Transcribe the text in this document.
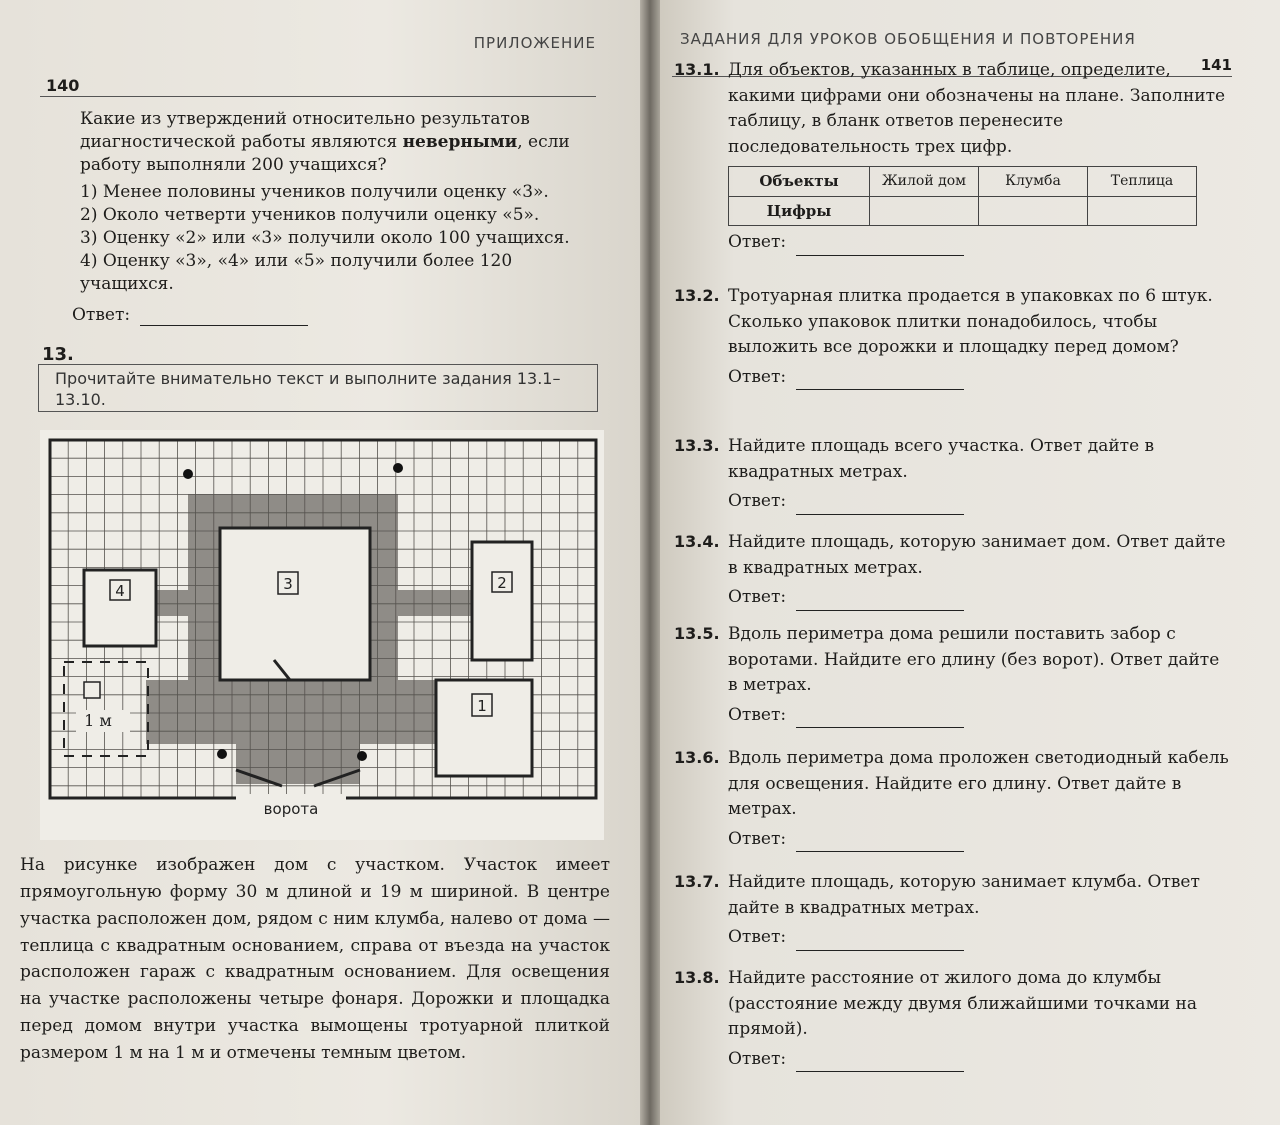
ПРИЛОЖЕНИЕ
140

Какие из утверждений относительно результатов диагностической работы являются неверными, если работу выполняли 200 учащихся?

1) Менее половины учеников получили оценку «3».
2) Около четверти учеников получили оценку «5».
3) Оценку «2» или «3» получили около 100 учащихся.
4) Оценку «3», «4» или «5» получили более 120 учащихся.
Ответ:
13.
Прочитайте внимательно текст и выполните задания 13.1–13.10.
3
4	2
1
1 м
ворота
На рисунке изображен дом с участком. Участок имеет прямоугольную форму 30 м длиной и 19 м шириной. В центре участка расположен дом, рядом с ним клумба, налево от дома — теплица с квадратным основанием, справа от въезда на участок расположен гараж с квадратным основанием. Для освещения на участке расположены четыре фонаря. Дорожки и площадка перед домом внутри участка вымощены тротуарной плиткой размером 1 м на 1 м и отмечены темным цветом.
ЗАДАНИЯ ДЛЯ УРОКОВ ОБОБЩЕНИЯ И ПОВТОРЕНИЯ
141
13.1. Для объектов, указанных в таблице, определите, какими цифрами они обозначены на плане. Заполните таблицу, в бланк ответов перенесите последовательность трех цифр.
Объекты	Жилой дом	Клумба	Теплица
Цифры			
Ответ:
13.2. Тротуарная плитка продается в упаковках по 6 штук. Сколько упаковок плитки понадобилось, чтобы выложить все дорожки и площадку перед домом?
Ответ:
13.3. Найдите площадь всего участка. Ответ дайте в квадратных метрах.
Ответ:
13.4. Найдите площадь, которую занимает дом. Ответ дайте в квадратных метрах.
Ответ:
13.5. Вдоль периметра дома решили поставить забор с воротами. Найдите его длину (без ворот). Ответ дайте в метрах.
Ответ:
13.6. Вдоль периметра дома проложен светодиодный кабель для освещения. Найдите его длину. Ответ дайте в метрах.
Ответ:
13.7. Найдите площадь, которую занимает клумба. Ответ дайте в квадратных метрах.
Ответ:
13.8. Найдите расстояние от жилого дома до клумбы (расстояние между двумя ближайшими точками на прямой).
Ответ:
